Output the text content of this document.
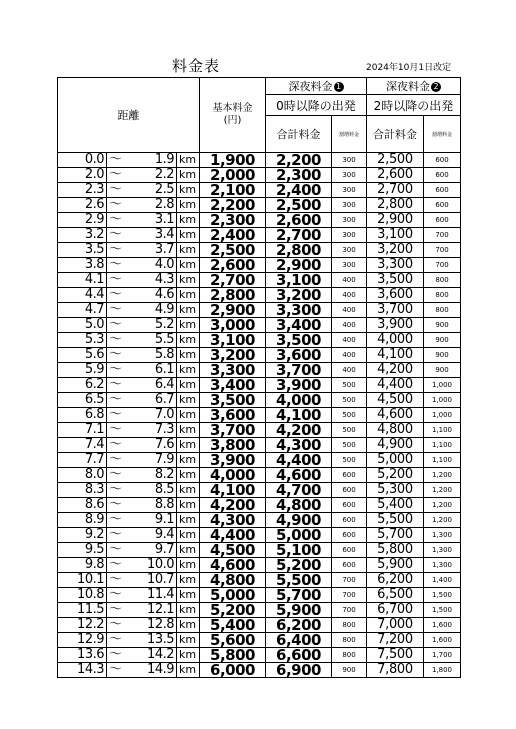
料金表	2024年10月1日改定
距離	基本料金
(円)	深夜料金 1		深夜料金 2	
		0時以降の出発		2時以降の出発	
		合計料金	割増料金	合計料金	割増料金

0.0 〜 1.9 km	1,900	2,200	300	2,500	600

2.0 〜 2.2 km	2,000	2,300	300	2,600	600

2.3 〜 2.5 km	2,100	2,400	300	2,700	600

2.6 〜 2.8 km	2,200	2,500	300	2,800	600

2.9 〜 3.1 km	2,300	2,600	300	2,900	600

3.2 〜 3.4 km	2,400	2,700	300	3,100	700

3.5 〜 3.7 km	2,500	2,800	300	3,200	700

3.8 〜 4.0 km	2,600	2,900	300	3,300	700

4.1 〜 4.3 km	2,700	3,100	400	3,500	800

4.4 〜 4.6 km	2,800	3,200	400	3,600	800

4.7 〜 4.9 km	2,900	3,300	400	3,700	800

5.0 〜 5.2 km	3,000	3,400	400	3,900	900

5.3 〜 5.5 km	3,100	3,500	400	4,000	900

5.6 〜 5.8 km	3,200	3,600	400	4,100	900

5.9 〜 6.1 km	3,300	3,700	400	4,200	900

6.2 〜 6.4 km	3,400	3,900	500	4,400	1,000

6.5 〜 6.7 km	3,500	4,000	500	4,500	1,000

6.8 〜 7.0 km	3,600	4,100	500	4,600	1,000

7.1 〜 7.3 km	3,700	4,200	500	4,800	1,100

7.4 〜 7.6 km	3,800	4,300	500	4,900	1,100

7.7 〜 7.9 km	3,900	4,400	500	5,000	1,100

8.0 〜 8.2 km	4,000	4,600	600	5,200	1,200

8.3 〜 8.5 km	4,100	4,700	600	5,300	1,200

8.6 〜 8.8 km	4,200	4,800	600	5,400	1,200

8.9 〜 9.1 km	4,300	4,900	600	5,500	1,200

9.2 〜 9.4 km	4,400	5,000	600	5,700	1,300

9.5 〜 9.7 km	4,500	5,100	600	5,800	1,300

9.8 〜 10.0 km	4,600	5,200	600	5,900	1,300

10.1 〜 10.7 km	4,800	5,500	700	6,200	1,400

10.8 〜 11.4 km	5,000	5,700	700	6,500	1,500

11.5 〜 12.1 km	5,200	5,900	700	6,700	1,500

12.2 〜 12.8 km	5,400	6,200	800	7,000	1,600

12.9 〜 13.5 km	5,600	6,400	800	7,200	1,600

13.6 〜 14.2 km	5,800	6,600	800	7,500	1,700

14.3 〜 14.9 km	6,000	6,900	900	7,800	1,800
